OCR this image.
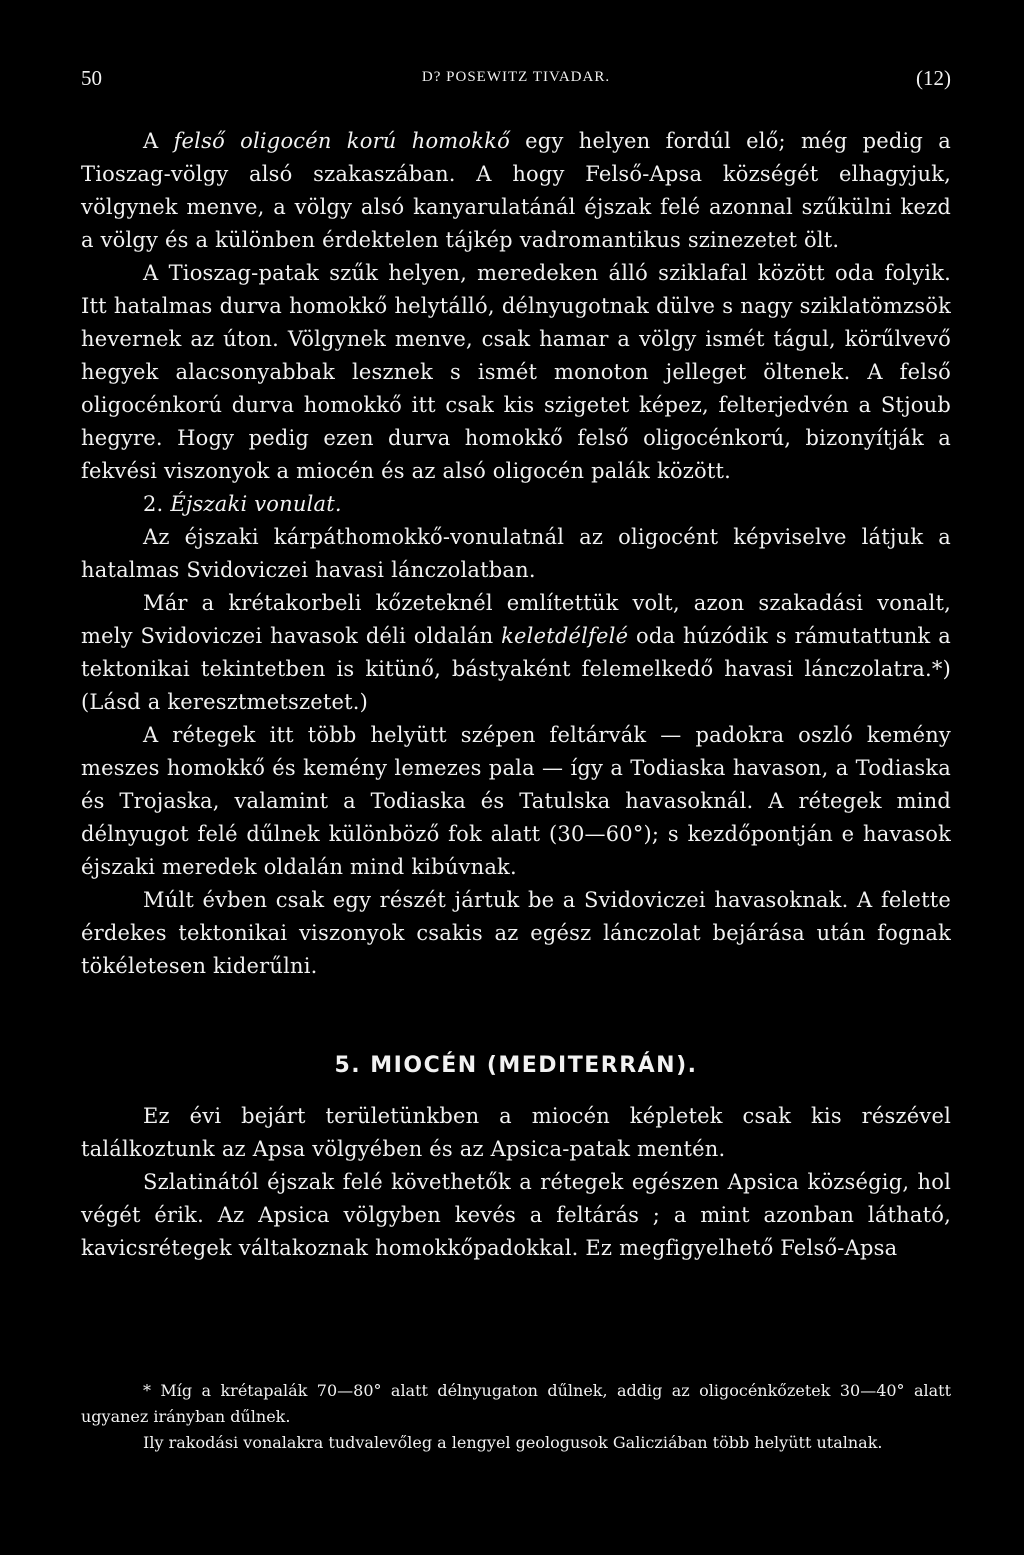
50	D? POSEWITZ TIVADAR.	(12)

A felső oligocén korú homokkő egy helyen fordúl elő; még pedig a Tioszag-völgy alsó szakaszában. A hogy Felső-Apsa községét elhagyjuk, völgynek menve, a völgy alsó kanyarulatánál éjszak felé azonnal szűkülni kezd a völgy és a különben érdektelen tájkép vadromantikus szinezetet ölt.

A Tioszag-patak szűk helyen, meredeken álló sziklafal között oda folyik. Itt hatalmas durva homokkő helytálló, délnyugotnak dülve s nagy sziklatömzsök hevernek az úton. Völgynek menve, csak hamar a völgy ismét tágul, körűlvevő hegyek alacsonyabbak lesznek s ismét monoton jelleget öltenek. A felső oligocénkorú durva homokkő itt csak kis szigetet képez, felterjedvén a Stjoub hegyre. Hogy pedig ezen durva homokkő felső oligocénkorú, bizonyítják a fekvési viszonyok a miocén és az alsó oligocén palák között.

2. Éjszaki vonulat.

Az éjszaki kárpáthomokkő-vonulatnál az oligocént képviselve látjuk a hatalmas Svidoviczei havasi lánczolatban.

Már a krétakorbeli kőzeteknél említettük volt, azon szakadási vonalt, mely Svidoviczei havasok déli oldalán keletdélfelé oda húzódik s rámutattunk a tektonikai tekintetben is kitünő, bástyaként felemelkedő havasi lánczolatra.*) (Lásd a keresztmetszetet.)

A rétegek itt több helyütt szépen feltárvák — padokra oszló kemény meszes homokkő és kemény lemezes pala — így a Todiaska havason, a Todiaska és Trojaska, valamint a Todiaska és Tatulska havasoknál. A rétegek mind délnyugot felé dűlnek különböző fok alatt (30—60°); s kezdőpontján e havasok éjszaki meredek oldalán mind kibúvnak.

Múlt évben csak egy részét jártuk be a Svidoviczei havasoknak. A felette érdekes tektonikai viszonyok csakis az egész lánczolat bejárása után fognak tökéletesen kiderűlni.

5. MIOCÉN (MEDITERRÁN).

Ez évi bejárt területünkben a miocén képletek csak kis részével találkoztunk az Apsa völgyében és az Apsica-patak mentén.

Szlatinától éjszak felé követhetők a rétegek egészen Apsica községig, hol végét érik. Az Apsica völgyben kevés a feltárás ; a mint azonban látható, kavicsrétegek váltakoznak homokkőpadokkal. Ez megfigyelhető Felső-Apsa

* Míg a krétapalák 70—80° alatt délnyugaton dűlnek, addig az oligocénkőzetek 30—40° alatt ugyanez irányban dűlnek.

Ily rakodási vonalakra tudvalevőleg a lengyel geologusok Galicziában több helyütt utalnak.
